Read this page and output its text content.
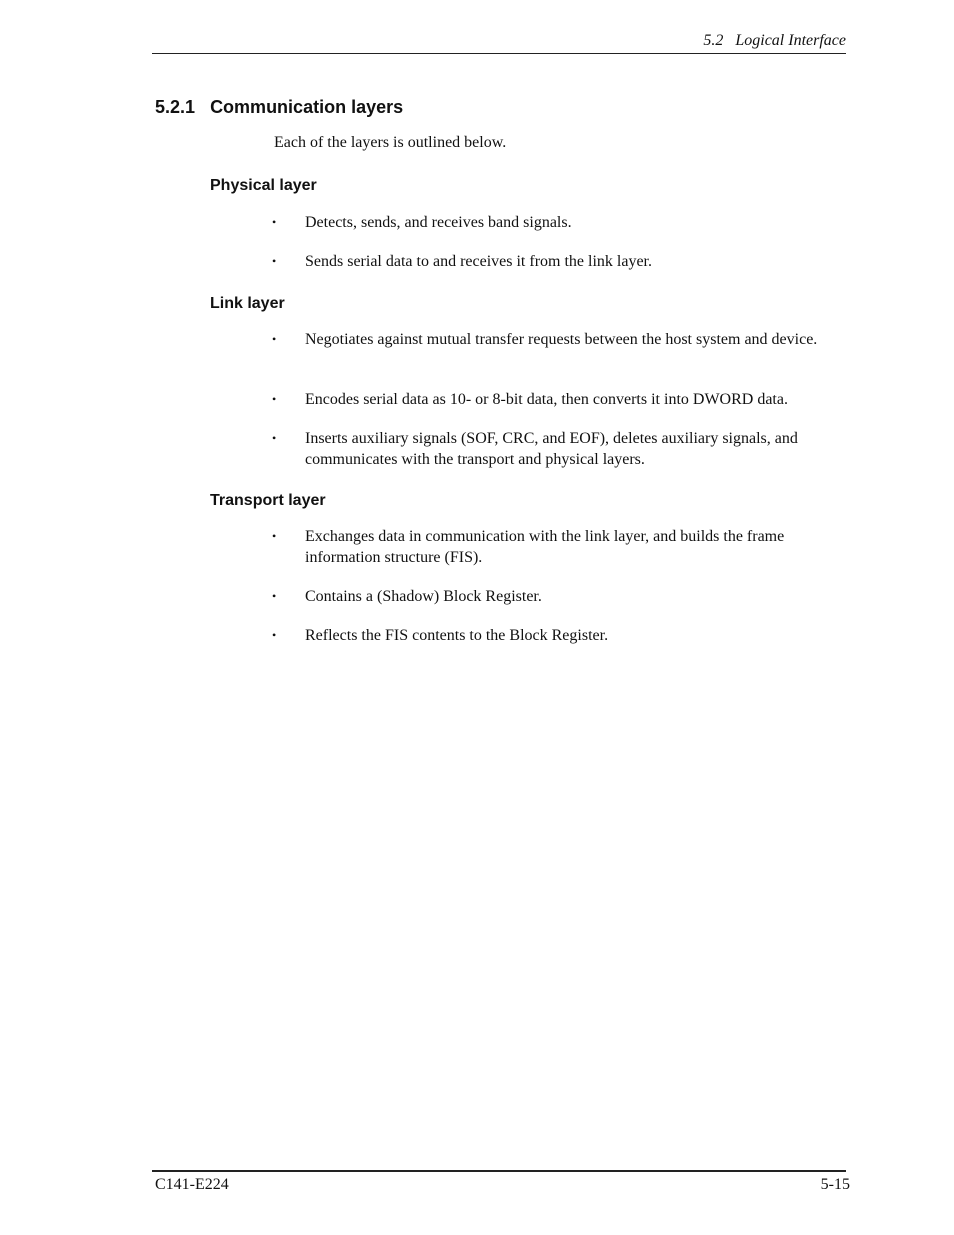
5.2 Logical Interface
5.2.1 Communication layers

Each of the layers is outlined below.

Physical layer
• Detects, sends, and receives band signals.
• Sends serial data to and receives it from the link layer.
Link layer
• Negotiates against mutual transfer requests between the host system and device.
• Encodes serial data as 10- or 8-bit data, then converts it into DWORD data.
• Inserts auxiliary signals (SOF, CRC, and EOF), deletes auxiliary signals, and communicates with the transport and physical layers.
Transport layer
• Exchanges data in communication with the link layer, and builds the frame information structure (FIS).
• Contains a (Shadow) Block Register.
• Reflects the FIS contents to the Block Register.
C141-E224	5-15
